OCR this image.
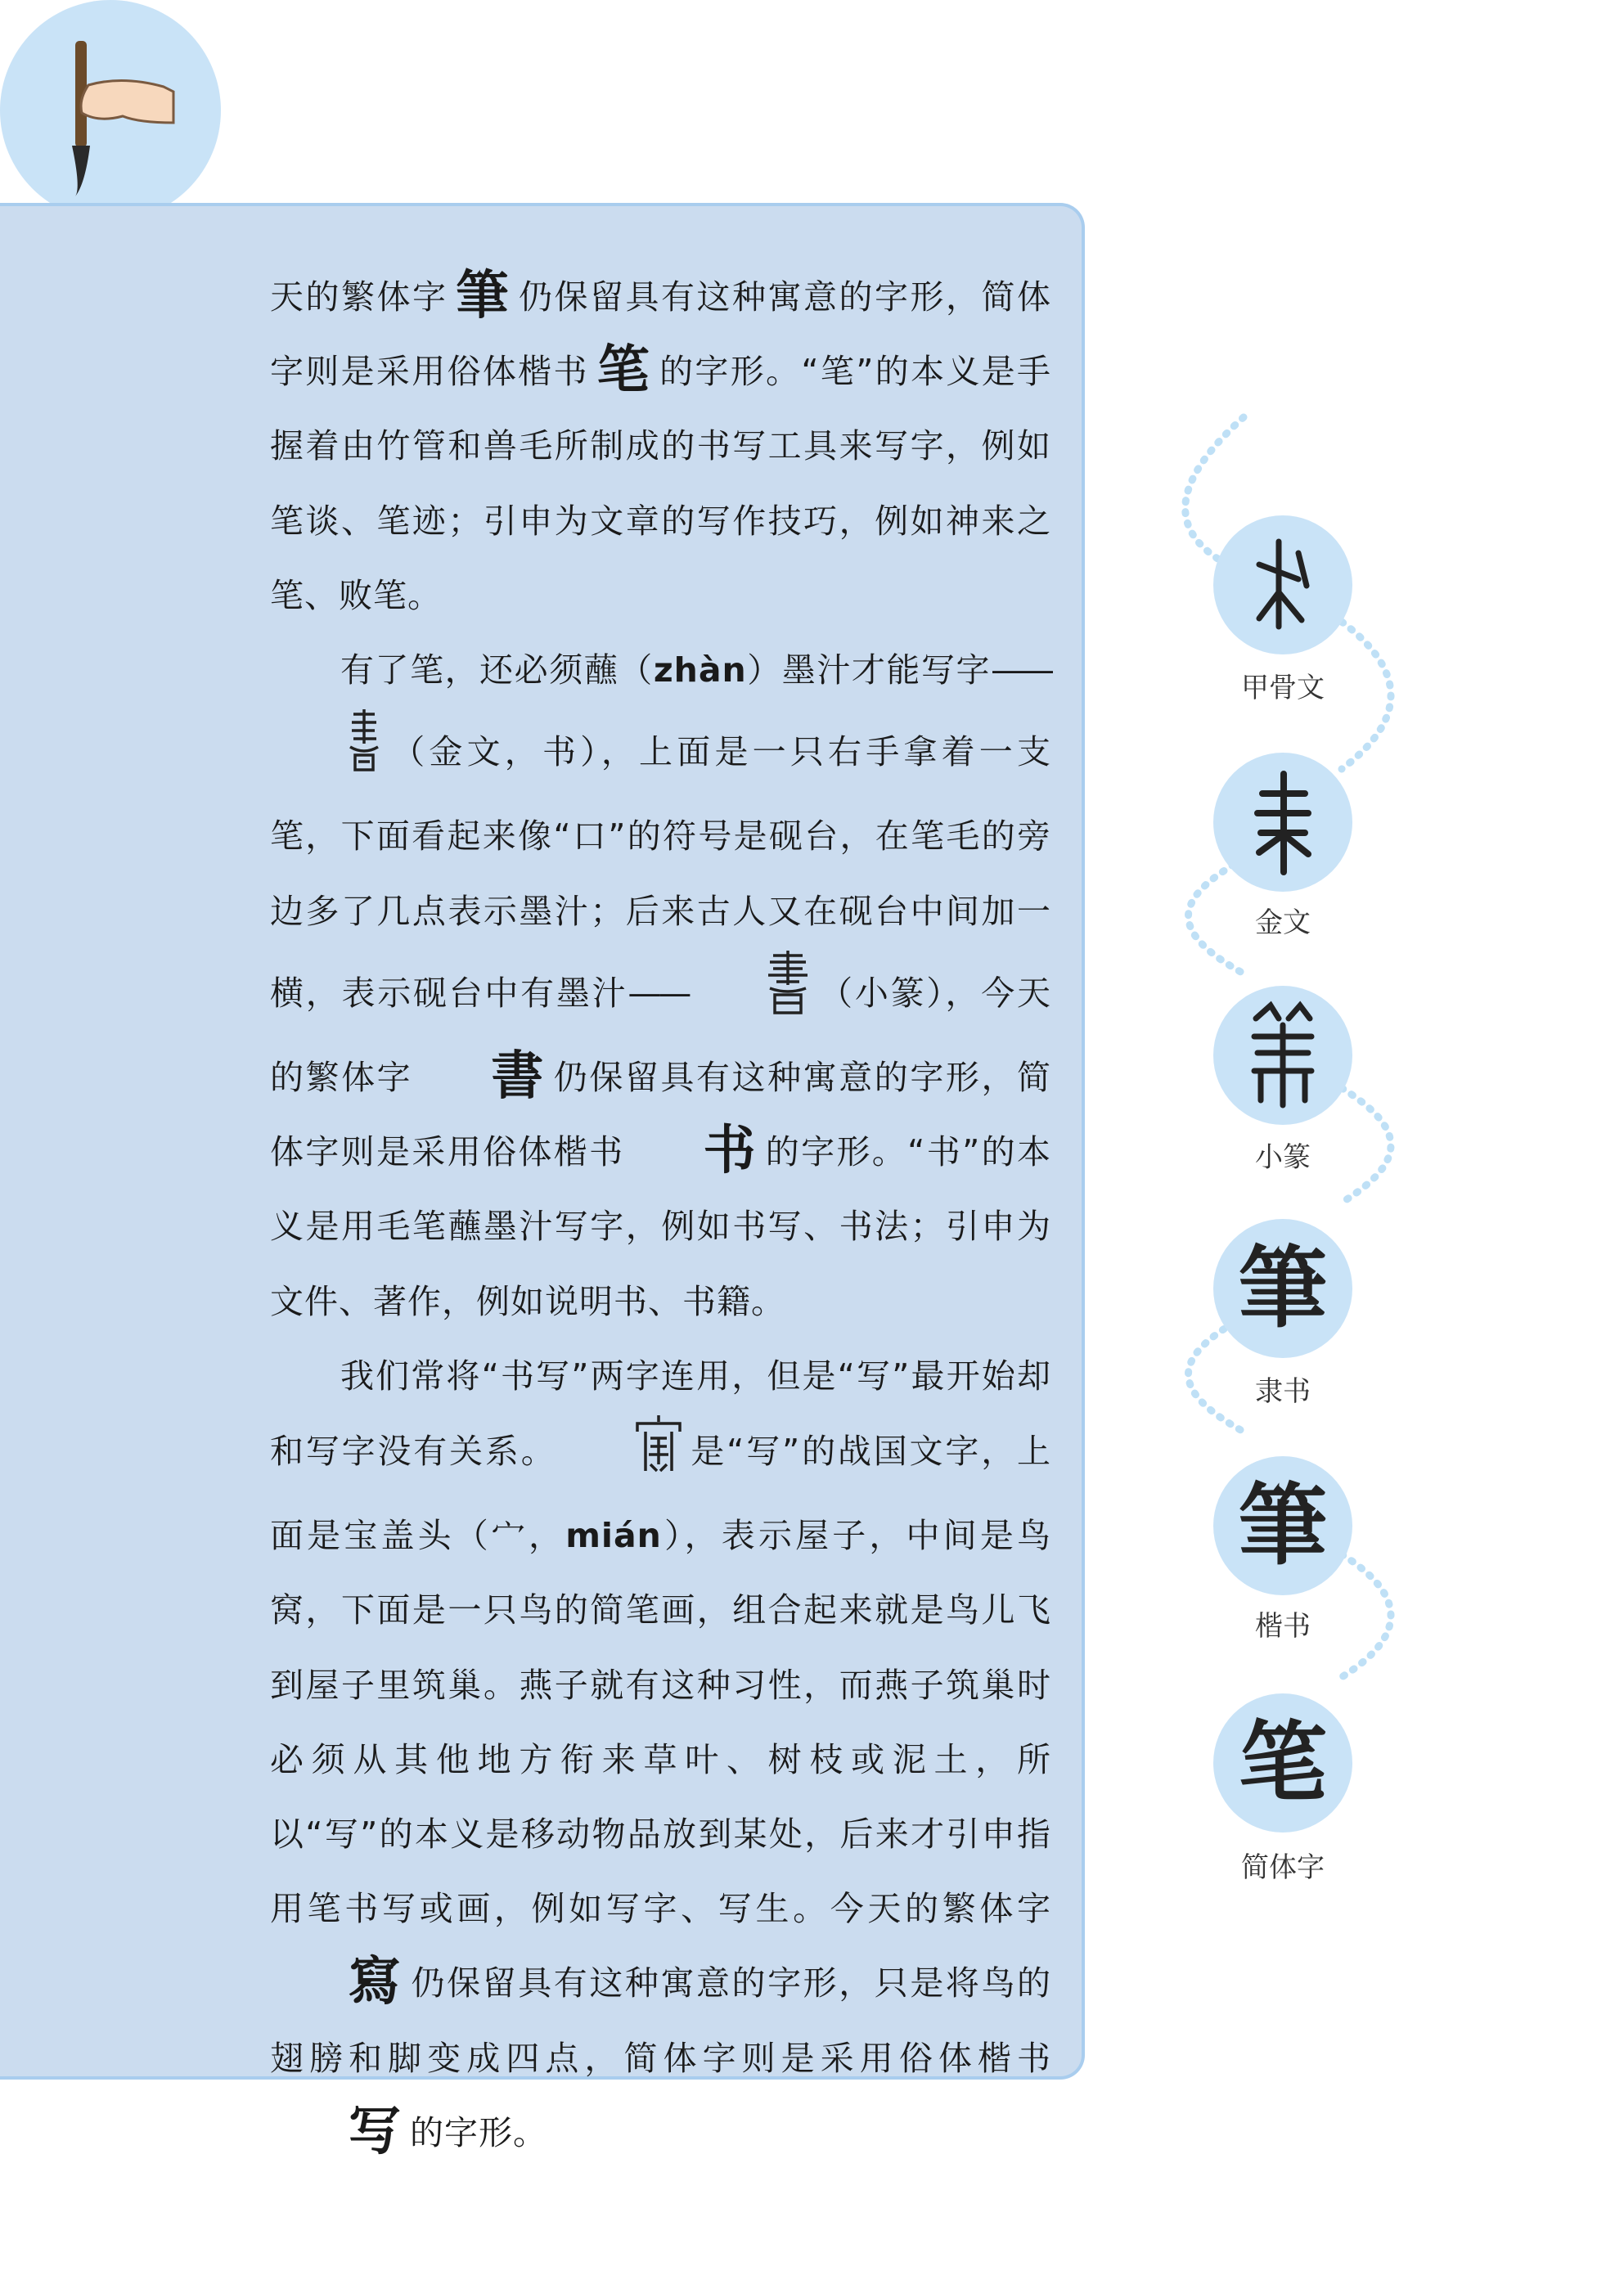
天的繁体字 筆 仍保留具有这种寓意的字形，简体字则是采用俗体楷书 笔 的字形。“笔”的本义是手握着由竹管和兽毛所制成的书写工具来写字，例如笔谈、笔迹；引申为文章的写作技巧，例如神来之笔、败笔。

有了笔，还必须蘸（zhàn）墨汁才能写字——（金文，书），上面是一只右手拿着一支笔，下面看起来像“口”的符号是砚台，在笔毛的旁边多了几点表示墨汁；后来古人又在砚台中间加一横，表示砚台中有墨汁——	（小篆），今天的繁体字 書 仍保留具有这种寓意的字形，简体字则是采用俗体楷书 书 的字形。“书”的本义是用毛笔蘸墨汁写字，例如书写、书法；引申为文件、著作，例如说明书、书籍。

我们常将“书写”两字连用，但是“写”最开始却和写字没有关系。	是“写”的战国文字，上面是宝盖头（宀，mián），表示屋子，中间是鸟窝，下面是一只鸟的简笔画，组合起来就是鸟儿飞到屋子里筑巢。燕子就有这种习性，而燕子筑巢时必须从其他地方衔来草叶、树枝或泥土，所以“写”的本义是移动物品放到某处，后来才引申指用笔书写或画，例如写字、写生。今天的繁体字寫 仍保留具有这种寓意的字形，只是将鸟的翅膀和脚变成四点，简体字则是采用俗体楷书写 的字形。

甲骨文
金文
小篆
筆
隶书
筆
楷书
笔
简体字
